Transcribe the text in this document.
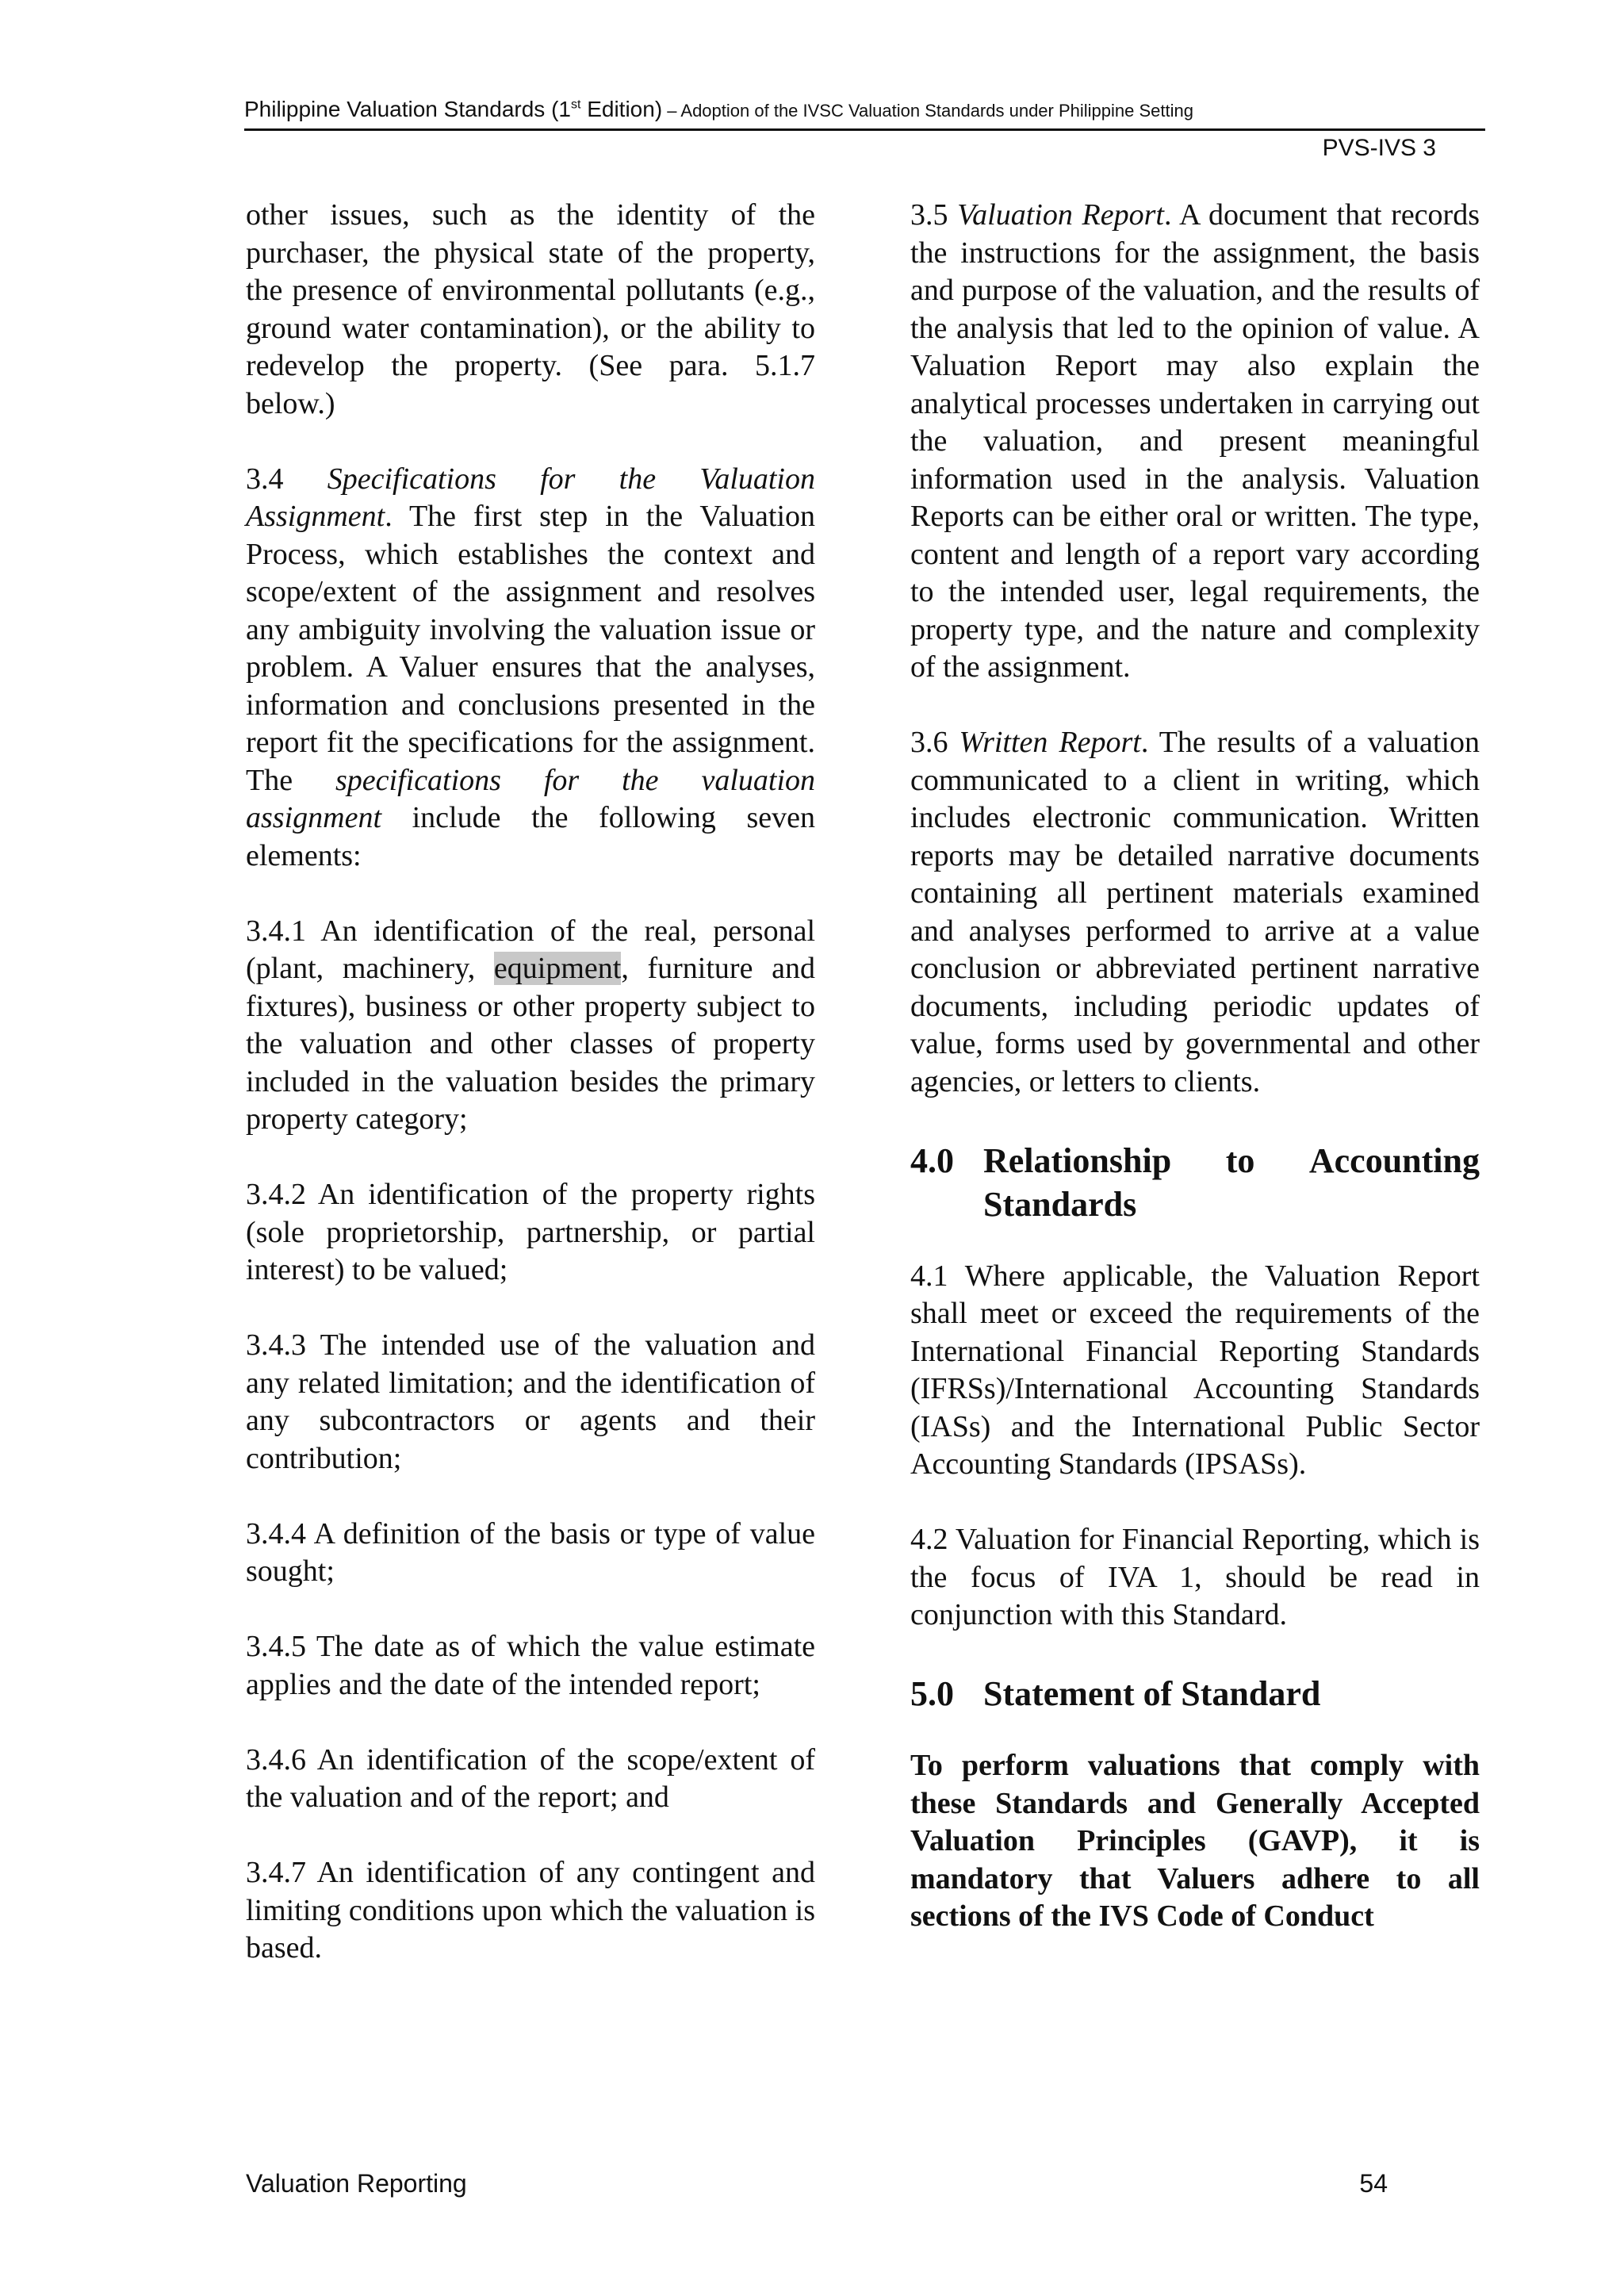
Philippine Valuation Standards (1st Edition) – Adoption of the IVSC Valuation Standards under Philippine Setting
PVS-IVS 3

other issues, such as the identity of the purchaser, the physical state of the property, the presence of environmental pollutants (e.g., ground water contamination), or the ability to redevelop the property. (See para. 5.1.7 below.)

3.4 Specifications for the Valuation Assignment. The first step in the Valuation Process, which establishes the context and scope/extent of the assignment and resolves any ambiguity involving the valuation issue or problem. A Valuer ensures that the analyses, information and conclusions presented in the report fit the specifications for the assignment. The specifications for the valuation assignment include the following seven elements:

3.4.1 An identification of the real, personal (plant, machinery, equipment, furniture and fixtures), business or other property subject to the valuation and other classes of property included in the valuation besides the primary property category;

3.4.2 An identification of the property rights (sole proprietorship, partnership, or partial interest) to be valued;

3.4.3 The intended use of the valuation and any related limitation; and the identification of any subcontractors or agents and their contribution;

3.4.4 A definition of the basis or type of value sought;

3.4.5 The date as of which the value estimate applies and the date of the intended report;

3.4.6 An identification of the scope/extent of the valuation and of the report; and

3.4.7 An identification of any contingent and limiting conditions upon which the valuation is based.

3.5 Valuation Report. A document that records the instructions for the assignment, the basis and purpose of the valuation, and the results of the analysis that led to the opinion of value. A Valuation Report may also explain the analytical processes undertaken in carrying out the valuation, and present meaningful information used in the analysis. Valuation Reports can be either oral or written. The type, content and length of a report vary according to the intended user, legal requirements, the property type, and the nature and complexity of the assignment.

3.6 Written Report. The results of a valuation communicated to a client in writing, which includes electronic communication. Written reports may be detailed narrative documents containing all pertinent materials examined and analyses performed to arrive at a value conclusion or abbreviated pertinent narrative documents, including periodic updates of value, forms used by governmental and other agencies, or letters to clients.

4.0 Relationship to Accounting
Standards

4.1 Where applicable, the Valuation Report shall meet or exceed the requirements of the International Financial Reporting Standards (IFRSs)/International Accounting Standards (IASs) and the International Public Sector Accounting Standards (IPSASs).

4.2 Valuation for Financial Reporting, which is the focus of IVA 1, should be read in conjunction with this Standard.

5.0 Statement of Standard

To perform valuations that comply with these Standards and Generally Accepted Valuation Principles (GAVP), it is mandatory that Valuers adhere to all sections of the IVS Code of Conduct

Valuation Reporting	54
